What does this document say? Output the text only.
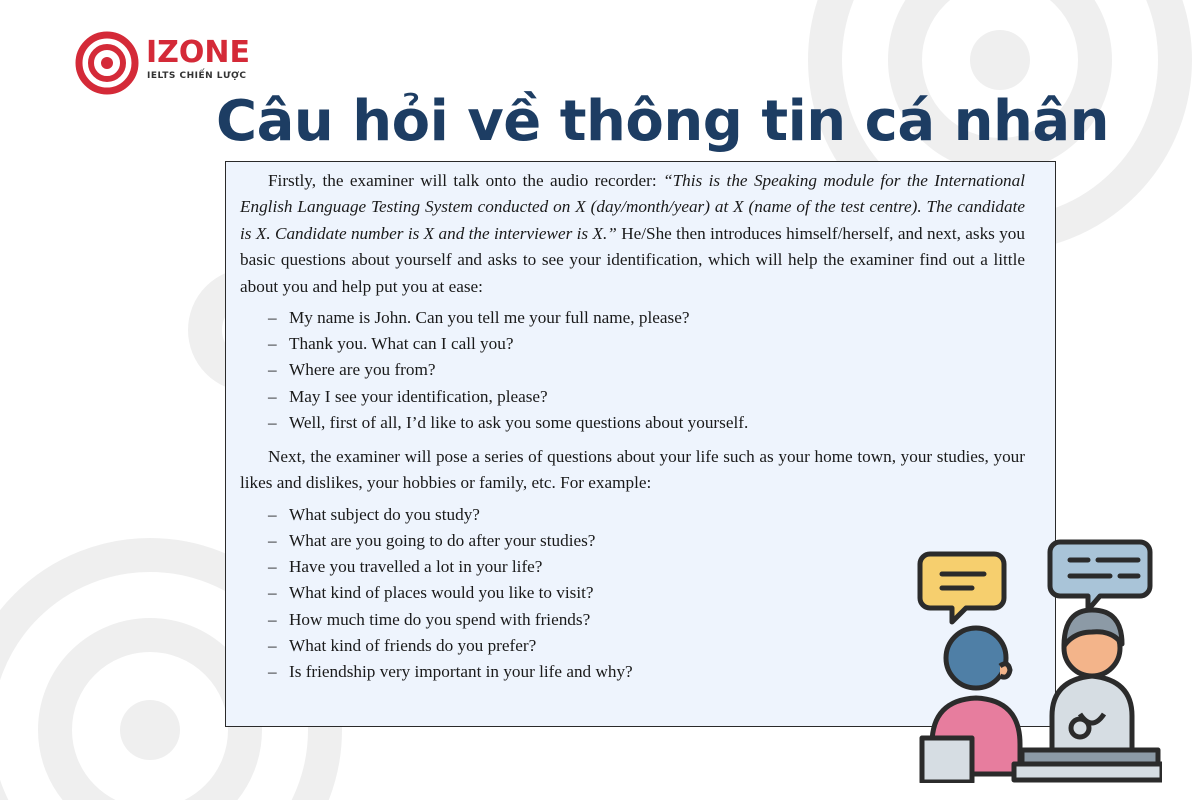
IZONE
IELTS CHIẾN LƯỢC
Câu hỏi về thông tin cá nhân

Firstly, the examiner will talk onto the audio recorder: “This is the Speaking module for the International English Language Testing System conducted on X (day/month/year) at X (name of the test centre). The candidate is X. Candidate number is X and the interviewer is X.” He/She then introduces himself/herself, and next, asks you basic questions about yourself and asks to see your identification, which will help the examiner find out a little about you and help put you at ease:

– My name is John. Can you tell me your full name, please?
– Thank you. What can I call you?
– Where are you from?
– May I see your identification, please?
– Well, first of all, I’d like to ask you some questions about yourself.

Next, the examiner will pose a series of questions about your life such as your home town, your studies, your likes and dislikes, your hobbies or family, etc. For example:

– What subject do you study?
– What are you going to do after your studies?
– Have you travelled a lot in your life?
– What kind of places would you like to visit?
– How much time do you spend with friends?
– What kind of friends do you prefer?
– Is friendship very important in your life and why?
